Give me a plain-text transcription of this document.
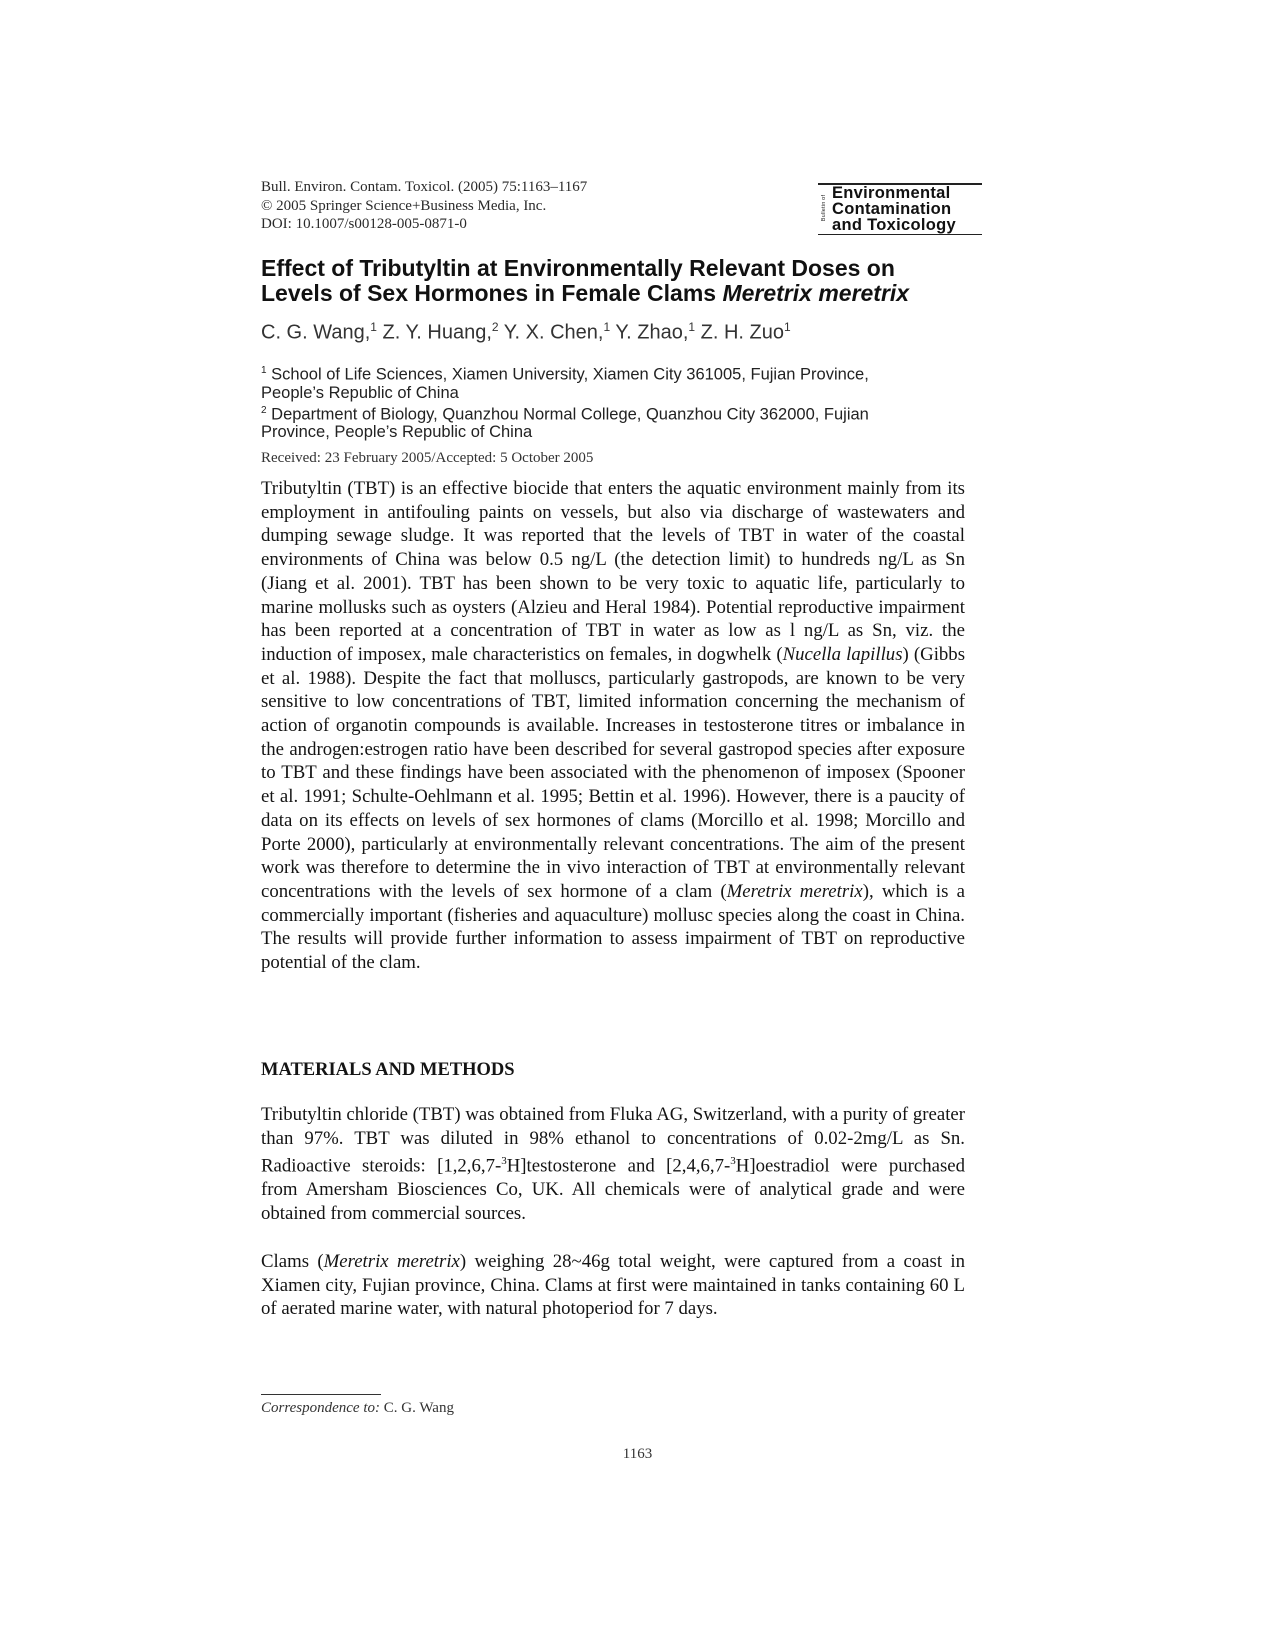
Bull. Environ. Contam. Toxicol. (2005) 75:1163–1167
© 2005 Springer Science+Business Media, Inc.
DOI: 10.1007/s00128-005-0871-0
Bulletin of
Environmental
Contamination
and Toxicology
Effect of Tributyltin at Environmentally Relevant Doses on
Levels of Sex Hormones in Female Clams Meretrix meretrix
C. G. Wang,$^1$ Z. Y. Huang,$^2$ Y. X. Chen,$^1$ Y. Zhao,$^1$ Z. H. Zuo$^1$
$^1$ School of Life Sciences, Xiamen University, Xiamen City 361005, Fujian Province,
People’s Republic of China
$^2$ Department of Biology, Quanzhou Normal College, Quanzhou City 362000, Fujian
Province, People’s Republic of China
Received: 23 February 2005/Accepted: 5 October 2005

Tributyltin (TBT) is an effective biocide that enters the aquatic environment mainly from its employment in antifouling paints on vessels, but also via discharge of wastewaters and dumping sewage sludge. It was reported that the levels of TBT in water of the coastal environments of China was below 0.5 ng/L (the detection limit) to hundreds ng/L as Sn (Jiang et al. 2001). TBT has been shown to be very toxic to aquatic life, particularly to marine mollusks such as oysters (Alzieu and Heral 1984). Potential reproductive impairment has been reported at a concentration of TBT in water as low as l ng/L as Sn, viz. the induction of imposex, male characteristics on females, in dogwhelk (Nucella lapillus) (Gibbs et al. 1988). Despite the fact that molluscs, particularly gastropods, are known to be very sensitive to low concentrations of TBT, limited information concerning the mechanism of action of organotin compounds is available. Increases in testosterone titres or imbalance in the androgen:estrogen ratio have been described for several gastropod species after exposure to TBT and these findings have been associated with the phenomenon of imposex (Spooner et al. 1991; Schulte-Oehlmann et al. 1995; Bettin et al. 1996). However, there is a paucity of data on its effects on levels of sex hormones of clams (Morcillo et al. 1998; Morcillo and Porte 2000), particularly at environmentally relevant concentrations. The aim of the present work was therefore to determine the in vivo interaction of TBT at environmentally relevant concentrations with the levels of sex hormone of a clam (Meretrix meretrix), which is a commercially important (fisheries and aquaculture) mollusc species along the coast in China. The results will provide further information to assess impairment of TBT on reproductive potential of the clam.

MATERIALS AND METHODS

Tributyltin chloride (TBT) was obtained from Fluka AG, Switzerland, with a purity of greater than 97%. TBT was diluted in 98% ethanol to concentrations of 0.02-2mg/L as Sn. Radioactive steroids: [1,2,6,7-$^3$H]testosterone and [2,4,6,7-$^3$H]oestradiol were purchased from Amersham Biosciences Co, UK. All chemicals were of analytical grade and were obtained from commercial sources.

Clams (Meretrix meretrix) weighing 28~46g total weight, were captured from a coast in Xiamen city, Fujian province, China. Clams at first were maintained in tanks containing 60 L of aerated marine water, with natural photoperiod for 7 days.

Correspondence to: C. G. Wang
1163
